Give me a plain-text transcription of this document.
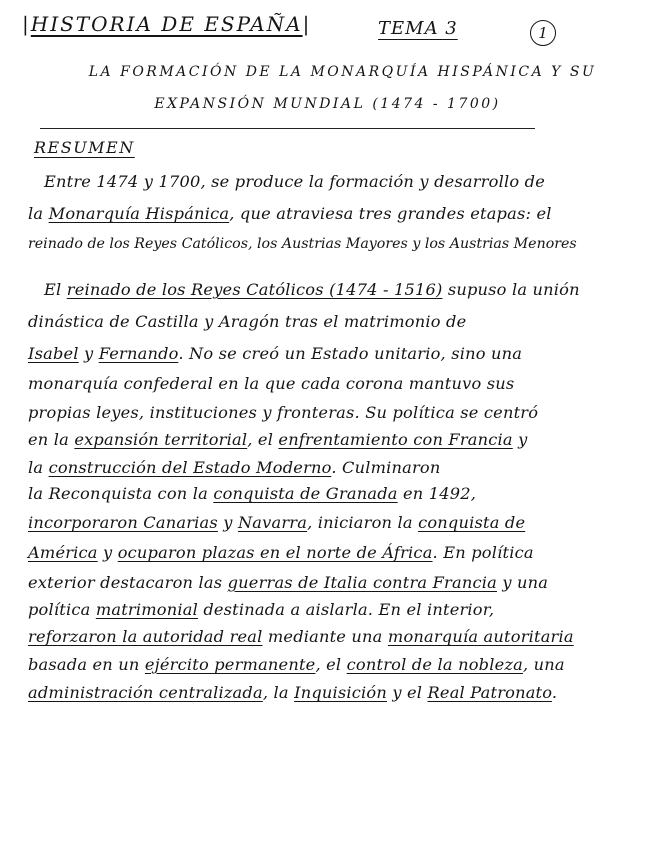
|HISTORIA DE ESPAÑA|	TEMA 3	1
LA FORMACIÓN DE LA MONARQUÍA HISPÁNICA Y SU
EXPANSIÓN MUNDIAL (1474 - 1700)
RESUMEN
Entre 1474 y 1700, se produce la formación y desarrollo de
la Monarquía Hispánica, que atraviesa tres grandes etapas: el
reinado de los Reyes Católicos, los Austrias Mayores y los Austrias Menores
El reinado de los Reyes Católicos (1474 - 1516) supuso la unión
dinástica de Castilla y Aragón tras el matrimonio de
Isabel y Fernando. No se creó un Estado unitario, sino una
monarquía confederal en la que cada corona mantuvo sus
propias leyes, instituciones y fronteras. Su política se centró
en la expansión territorial, el enfrentamiento con Francia y
la construcción del Estado Moderno. Culminaron
la Reconquista con la conquista de Granada en 1492,
incorporaron Canarias y Navarra, iniciaron la conquista de
América y ocuparon plazas en el norte de África. En política
exterior destacaron las guerras de Italia contra Francia y una
política matrimonial destinada a aislarla. En el interior,
reforzaron la autoridad real mediante una monarquía autoritaria
basada en un ejército permanente, el control de la nobleza, una
administración centralizada, la Inquisición y el Real Patronato.
